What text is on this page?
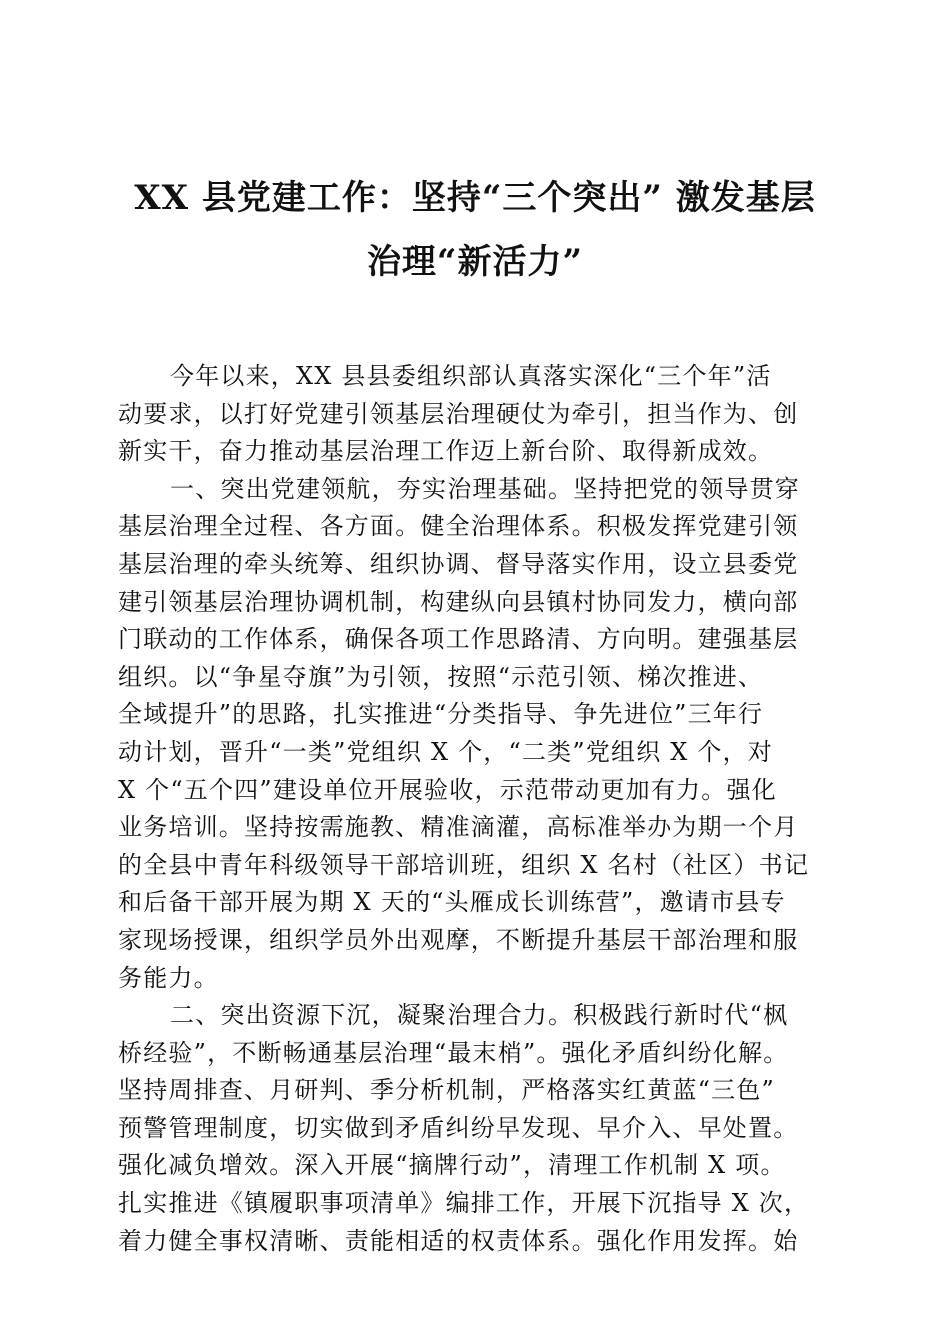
XX 县党建工作：坚持“三个突出” 激发基层
治理“新活力”
今年以来，XX 县县委组织部认真落实深化“三个年”活
动要求，以打好党建引领基层治理硬仗为牵引，担当作为、创
新实干，奋力推动基层治理工作迈上新台阶、取得新成效。
一、突出党建领航，夯实治理基础。坚持把党的领导贯穿
基层治理全过程、各方面。健全治理体系。积极发挥党建引领
基层治理的牵头统筹、组织协调、督导落实作用，设立县委党
建引领基层治理协调机制，构建纵向县镇村协同发力，横向部
门联动的工作体系，确保各项工作思路清、方向明。建强基层
组织。以“争星夺旗”为引领，按照“示范引领、梯次推进、
全域提升”的思路，扎实推进“分类指导、争先进位”三年行
动计划，晋升“一类”党组织 X 个，“二类”党组织 X 个，对
X 个“五个四”建设单位开展验收，示范带动更加有力。强化
业务培训。坚持按需施教、精准滴灌，高标准举办为期一个月
的全县中青年科级领导干部培训班，组织 X 名村（社区）书记
和后备干部开展为期 X 天的“头雁成长训练营”，邀请市县专
家现场授课，组织学员外出观摩，不断提升基层干部治理和服
务能力。
二、突出资源下沉，凝聚治理合力。积极践行新时代“枫
桥经验”，不断畅通基层治理“最末梢”。强化矛盾纠纷化解。
坚持周排查、月研判、季分析机制，严格落实红黄蓝“三色”
预警管理制度，切实做到矛盾纠纷早发现、早介入、早处置。
强化减负增效。深入开展“摘牌行动”，清理工作机制 X 项。
扎实推进《镇履职事项清单》编排工作，开展下沉指导 X 次，
着力健全事权清晰、责能相适的权责体系。强化作用发挥。始
